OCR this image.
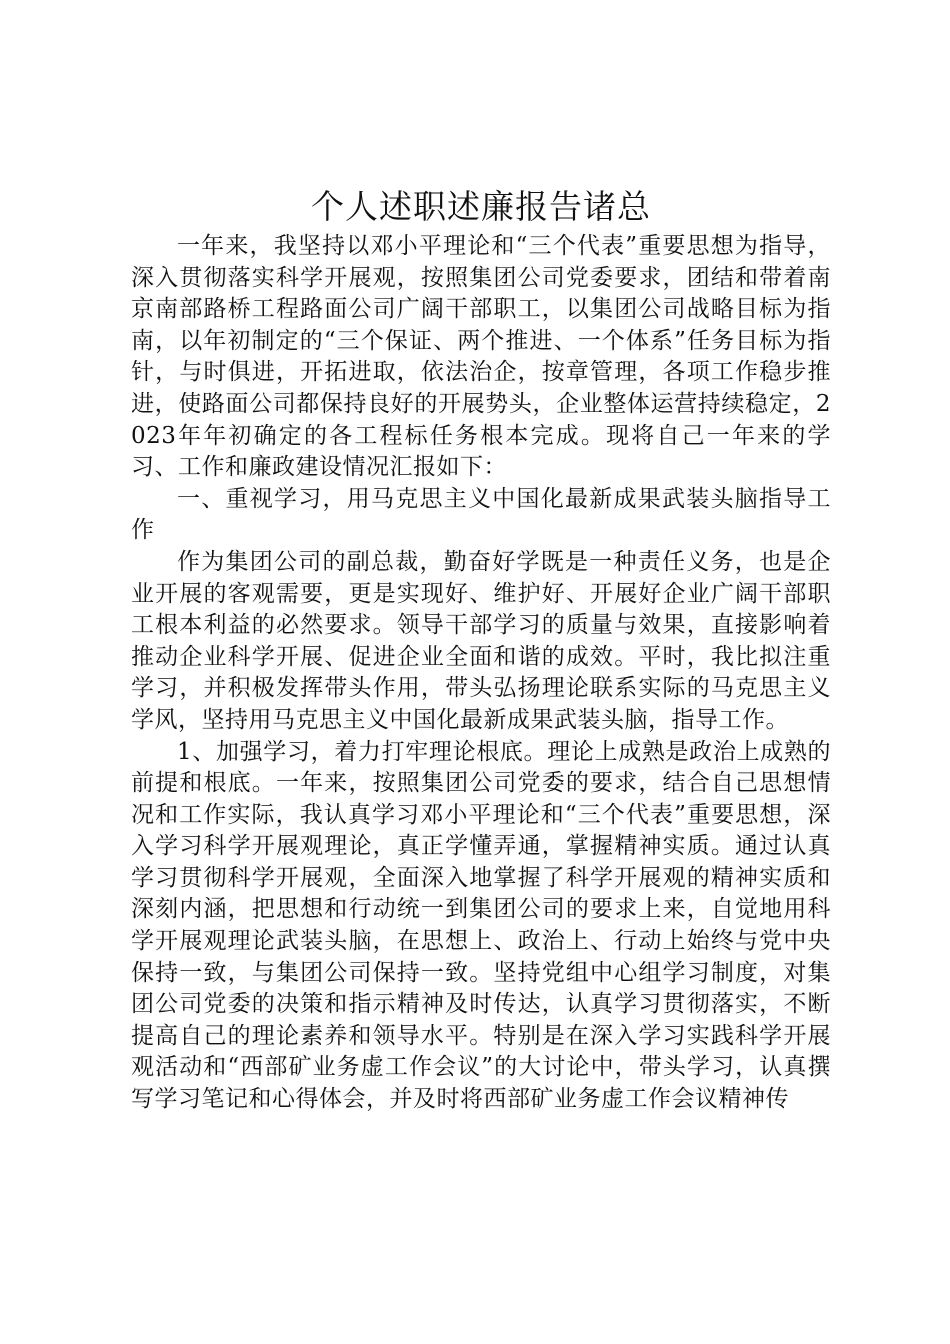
个人述职述廉报告诸总

一年来，我坚持以邓小平理论和“三个代表”重要思想为指导，深入贯彻落实科学开展观，按照集团公司党委要求，团结和带着南京南部路桥工程路面公司广阔干部职工，以集团公司战略目标为指南，以年初制定的“三个保证、两个推进、一个体系”任务目标为指针，与时俱进，开拓进取，依法治企，按章管理，各项工作稳步推进，使路面公司都保持良好的开展势头，企业整体运营持续稳定，2023年年初确定的各工程标任务根本完成。现将自己一年来的学习、工作和廉政建设情况汇报如下：

一、重视学习，用马克思主义中国化最新成果武装头脑指导工作

作为集团公司的副总裁，勤奋好学既是一种责任义务，也是企业开展的客观需要，更是实现好、维护好、开展好企业广阔干部职工根本利益的必然要求。领导干部学习的质量与效果，直接影响着推动企业科学开展、促进企业全面和谐的成效。平时，我比拟注重学习，并积极发挥带头作用，带头弘扬理论联系实际的马克思主义学风，坚持用马克思主义中国化最新成果武装头脑，指导工作。

1、加强学习，着力打牢理论根底。理论上成熟是政治上成熟的前提和根底。一年来，按照集团公司党委的要求，结合自己思想情况和工作实际，我认真学习邓小平理论和“三个代表”重要思想，深入学习科学开展观理论，真正学懂弄通，掌握精神实质。通过认真学习贯彻科学开展观，全面深入地掌握了科学开展观的精神实质和深刻内涵，把思想和行动统一到集团公司的要求上来，自觉地用科学开展观理论武装头脑，在思想上、政治上、行动上始终与党中央保持一致，与集团公司保持一致。坚持党组中心组学习制度，对集团公司党委的决策和指示精神及时传达，认真学习贯彻落实，不断提高自己的理论素养和领导水平。特别是在深入学习实践科学开展观活动和“西部矿业务虚工作会议”的大讨论中，带头学习，认真撰写学习笔记和心得体会，并及时将西部矿业务虚工作会议精神传
